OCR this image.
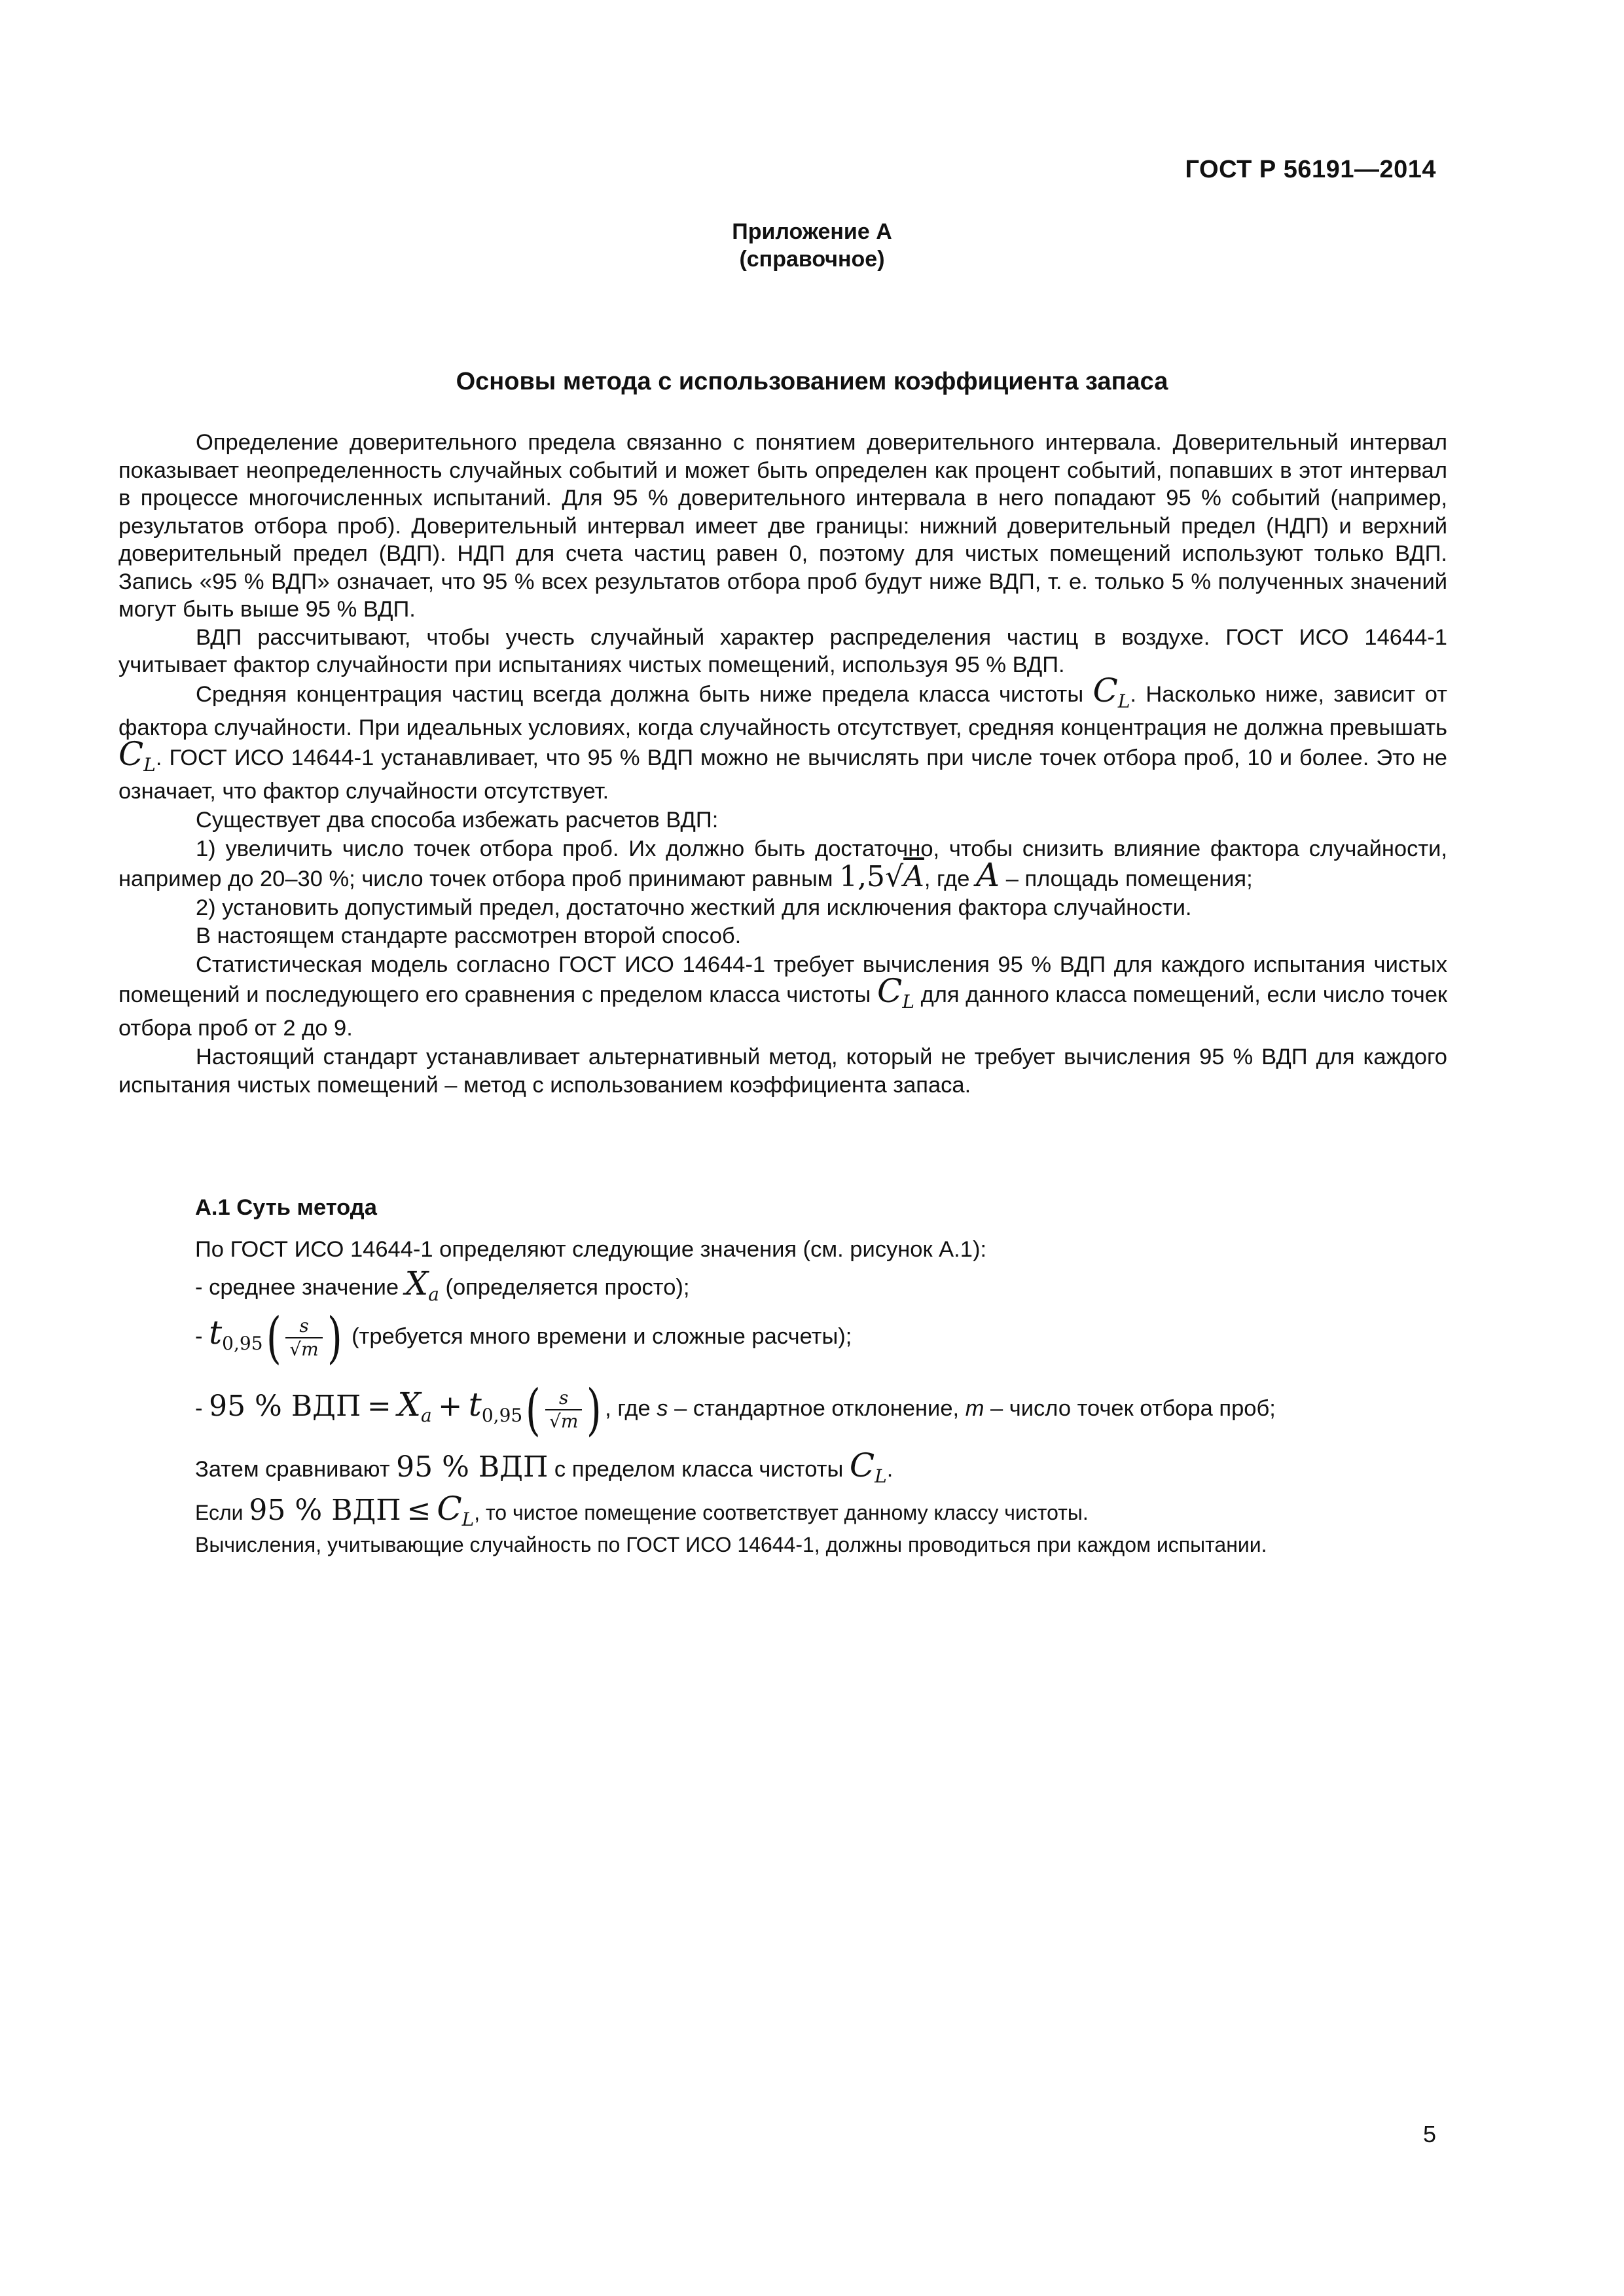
ГОСТ Р 56191—2014
Приложение А
(справочное)
Основы метода с использованием коэффициента запаса

Определение доверительного предела связанно с понятием доверительного интервала. Доверительный интервал показывает неопределенность случайных событий и может быть определен как процент событий, попавших в этот интервал в процессе многочисленных испытаний. Для 95 % доверительного интервала в него попадают 95 % событий (например, результатов отбора проб). Доверительный интервал имеет две границы: нижний доверительный предел (НДП) и верхний доверительный предел (ВДП). НДП для счета частиц равен 0, поэтому для чистых помещений используют только ВДП. Запись «95 % ВДП» означает, что 95 % всех результатов отбора проб будут ниже ВДП, т. е. только 5 % полученных значений могут быть выше 95 % ВДП.

ВДП рассчитывают, чтобы учесть случайный характер распределения частиц в воздухе. ГОСТ ИСО 14644-1 учитывает фактор случайности при испытаниях чистых помещений, используя 95 % ВДП.

Средняя концентрация частиц всегда должна быть ниже предела класса чистоты $C_L$. Насколько ниже, зависит от фактора случайности. При идеальных условиях, когда случайность отсутствует, средняя концентрация не должна превышать $C_L$. ГОСТ ИСО 14644-1 устанавливает, что 95 % ВДП можно не вычислять при числе точек отбора проб, 10 и более. Это не означает, что фактор случайности отсутствует.

Существует два способа избежать расчетов ВДП:

1) увеличить число точек отбора проб. Их должно быть достаточно, чтобы снизить влияние фактора случайности, например до 20–30 %; число точек отбора проб принимают равным 1,5√A, где A – площадь помещения;

2) установить допустимый предел, достаточно жесткий для исключения фактора случайности.

В настоящем стандарте рассмотрен второй способ.

Статистическая модель согласно ГОСТ ИСО 14644-1 требует вычисления 95 % ВДП для каждого испытания чистых помещений и последующего его сравнения с пределом класса чистоты $C_L$ для данного класса помещений, если число точек отбора проб от 2 до 9.

Настоящий стандарт устанавливает альтернативный метод, который не требует вычисления 95 % ВДП для каждого испытания чистых помещений – метод с использованием коэффициента запаса.

А.1 Суть метода
По ГОСТ ИСО 14644-1 определяют следующие значения (см. рисунок А.1):
- среднее значение $X_a$ (определяется просто);
- $t_{0,95}( \frac{s}{√m}$ ) (требуется много времени и сложные расчеты);
- 95 % ВДП = $X_a + t_{0,95}( \frac{s}{√m}$ ) , где s – стандартное отклонение, m – число точек отбора проб;
Затем сравнивают 95 % ВДП с пределом класса чистоты $C_L$.
Если 95 % ВДП ≤ $C_L$, то чистое помещение соответствует данному классу чистоты.
Вычисления, учитывающие случайность по ГОСТ ИСО 14644-1, должны проводиться при каждом испытании.
5
